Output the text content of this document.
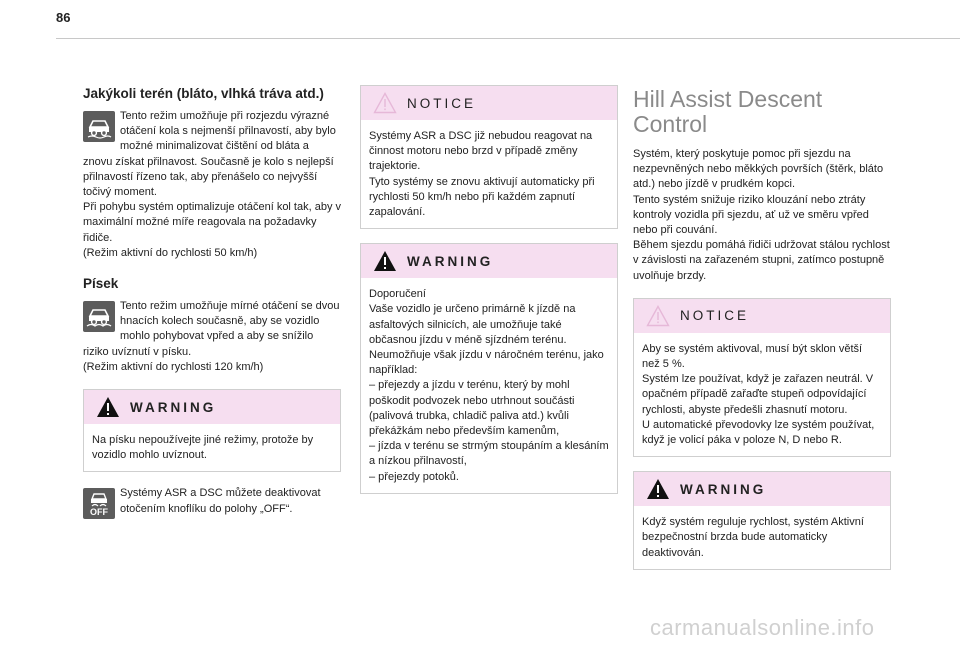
86
Jakýkoli terén (bláto, vlhká tráva atd.)

Tento režim umožňuje při rozjezdu výrazné otáčení kola s nejmenší přilnavostí, aby bylo možné minimalizovat čištění od bláta a znovu získat přilnavost. Současně je kolo s nejlepší přilnavostí řízeno tak, aby přenášelo co nejvyšší točivý moment.
Při pohybu systém optimalizuje otáčení kol tak, aby v maximální možné míře reagovala na požadavky řidiče.
(Režim aktivní do rychlosti 50 km/h)

Písek

Tento režim umožňuje mírné otáčení se dvou hnacích kolech současně, aby se vozidlo mohlo pohybovat vpřed a aby se snížilo riziko uvíznutí v písku.
(Režim aktivní do rychlosti 120 km/h)

WARNING
Na písku nepoužívejte jiné režimy, protože by vozidlo mohlo uvíznout.
OFF

Systémy ASR a DSC můžete deaktivovat otočením knoflíku do polohy „OFF“.

NOTICE
Systémy ASR a DSC již nebudou reagovat na činnost motoru nebo brzd v případě změny trajektorie.
Tyto systémy se znovu aktivují automaticky při rychlosti 50 km/h nebo při každém zapnutí zapalování.
WARNING
Doporučení
Vaše vozidlo je určeno primárně k jízdě na asfaltových silnicích, ale umožňuje také občasnou jízdu v méně sjízdném terénu.
Neumožňuje však jízdu v náročném terénu, jako například:
– přejezdy a jízdu v terénu, který by mohl poškodit podvozek nebo utrhnout součásti (palivová trubka, chladič paliva atd.) kvůli překážkám nebo především kamenům,
– jízda v terénu se strmým stoupáním a klesáním a nízkou přilnavostí,
– přejezdy potoků.
Hill Assist Descent Control

Systém, který poskytuje pomoc při sjezdu na nezpevněných nebo měkkých površích (štěrk, bláto atd.) nebo jízdě v prudkém kopci.
Tento systém snižuje riziko klouzání nebo ztráty kontroly vozidla při sjezdu, ať už ve směru vpřed nebo při couvání.
Během sjezdu pomáhá řidiči udržovat stálou rychlost v závislosti na zařazeném stupni, zatímco postupně uvolňuje brzdy.

NOTICE
Aby se systém aktivoval, musí být sklon větší než 5 %.
Systém lze používat, když je zařazen neutrál. V opačném případě zařaďte stupeň odpovídající rychlosti, abyste předešli zhasnutí motoru.
U automatické převodovky lze systém používat, když je volicí páka v poloze N, D nebo R.
WARNING
Když systém reguluje rychlost, systém Aktivní bezpečnostní brzda bude automaticky deaktivován.
carmanualsonline.info
